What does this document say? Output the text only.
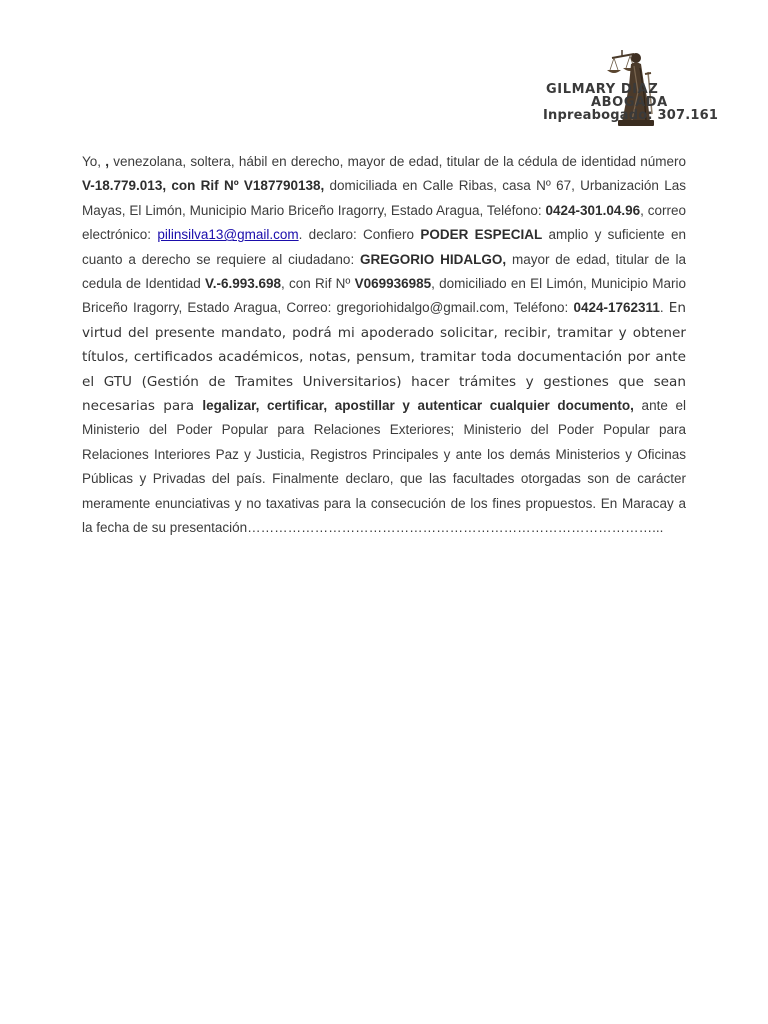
GILMARY DIAZ
ABOGADA
Inpreabogado: 307.161

Yo, , venezolana, soltera, hábil en derecho, mayor de edad, titular de la cédula de identidad número V-18.779.013, con Rif Nº V187790138, domiciliada en Calle Ribas, casa Nº 67, Urbanización Las Mayas, El Limón, Municipio Mario Briceño Iragorry, Estado Aragua, Teléfono: 0424-301.04.96, correo electrónico: pilinsilva13@gmail.com. declaro: Confiero PODER ESPECIAL amplio y suficiente en cuanto a derecho se requiere al ciudadano: GREGORIO HIDALGO, mayor de edad, titular de la cedula de Identidad V.-6.993.698, con Rif Nº V069936985, domiciliado en El Limón, Municipio Mario Briceño Iragorry, Estado Aragua, Correo: gregoriohidalgo@gmail.com, Teléfono: 0424-1762311. En virtud del presente mandato, podrá mi apoderado solicitar, recibir, tramitar y obtener títulos, certificados académicos, notas, pensum, tramitar toda documentación por ante el GTU (Gestión de Tramites Universitarios) hacer trámites y gestiones que sean necesarias para legalizar, certificar, apostillar y autenticar cualquier documento, ante el Ministerio del Poder Popular para Relaciones Exteriores; Ministerio del Poder Popular para Relaciones Interiores Paz y Justicia, Registros Principales y ante los demás Ministerios y Oficinas Públicas y Privadas del país. Finalmente declaro, que las facultades otorgadas son de carácter meramente enunciativas y no taxativas para la consecución de los fines propuestos. En Maracay a la fecha de su presentación………………………………………………………………………………...
